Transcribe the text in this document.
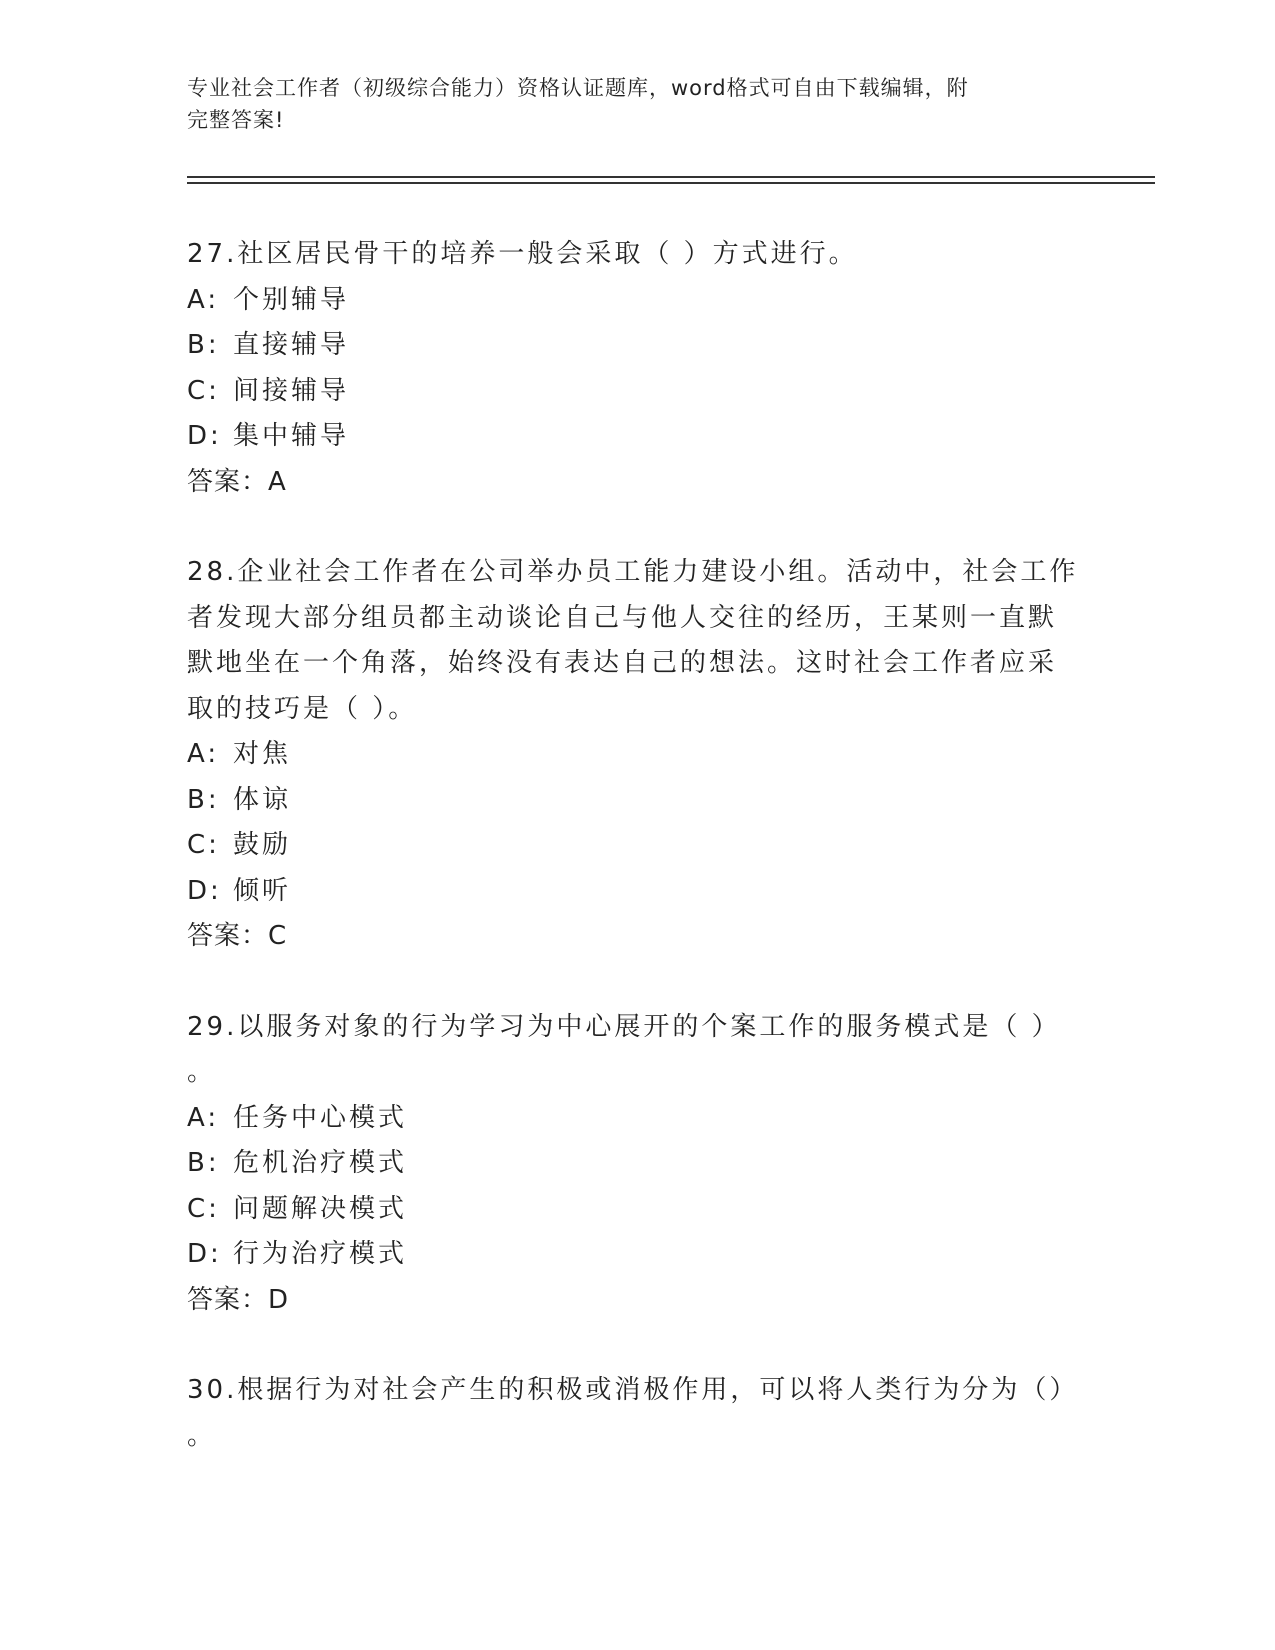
专业社会工作者（初级综合能力）资格认证题库，word格式可自由下载编辑，附
完整答案!
27.社区居民骨干的培养一般会采取（ ）方式进行。
A: 个别辅导
B: 直接辅导
C: 间接辅导
D: 集中辅导
答案：A
28.企业社会工作者在公司举办员工能力建设小组。活动中，社会工作
者发现大部分组员都主动谈论自己与他人交往的经历，王某则一直默
默地坐在一个角落，始终没有表达自己的想法。这时社会工作者应采
取的技巧是（ ）。
A: 对焦
B: 体谅
C: 鼓励
D: 倾听
答案：C
29.以服务对象的行为学习为中心展开的个案工作的服务模式是（ ）
。
A: 任务中心模式
B: 危机治疗模式
C: 问题解决模式
D: 行为治疗模式
答案：D
30.根据行为对社会产生的积极或消极作用，可以将人类行为分为（）
。
